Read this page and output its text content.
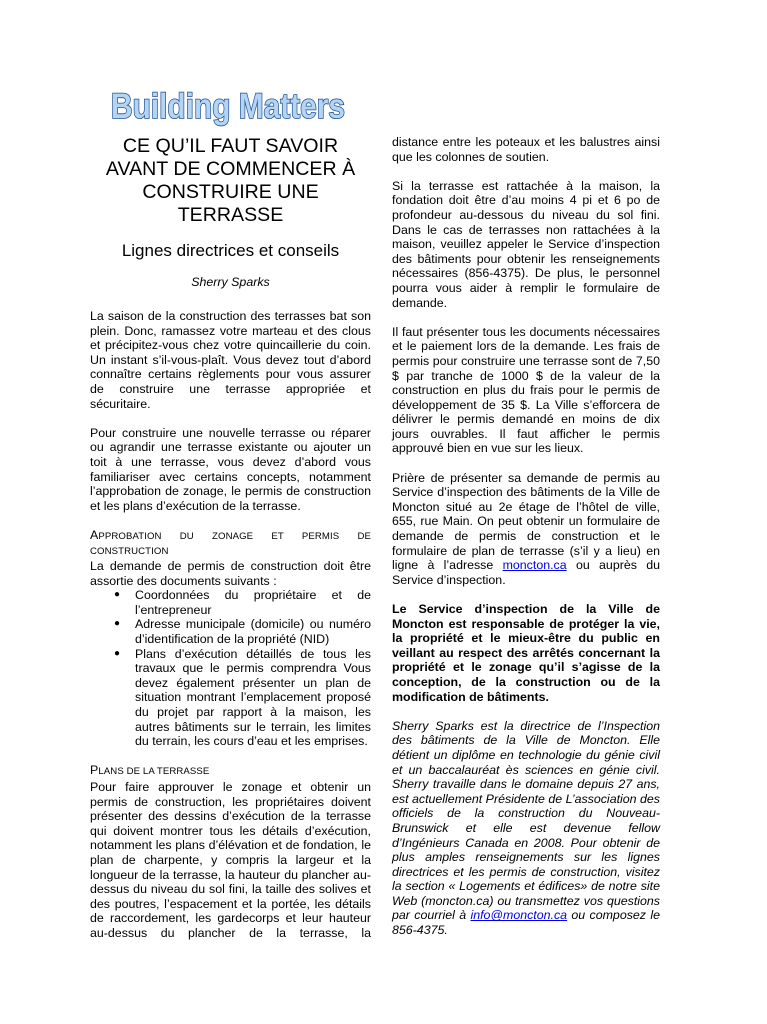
Building Matters
CE QU’IL FAUT SAVOIR
AVANT DE COMMENCER À
CONSTRUIRE UNE
TERRASSE
Lignes directrices et conseils
Sherry Sparks

La saison de la construction des terrasses bat son plein. Donc, ramassez votre marteau et des clous et précipitez-vous chez votre quincaillerie du coin. Un instant s’il-vous-plaît. Vous devez tout d’abord connaître certains règlements pour vous assurer de construire une terrasse appropriée et sécuritaire.

Pour construire une nouvelle terrasse ou réparer ou agrandir une terrasse existante ou ajouter un toit à une terrasse, vous devez d’abord vous familiariser avec certains concepts, notamment l’approbation de zonage, le permis de construction et les plans d’exécution de la terrasse.

APPROBATION DU ZONAGE ET PERMIS DE CONSTRUCTION

La demande de permis de construction doit être assortie des documents suivants :

● Coordonnées du propriétaire et de l’entrepreneur
● Adresse municipale (domicile) ou numéro d’identification de la propriété (NID)
● Plans d’exécution détaillés de tous les travaux que le permis comprendra Vous devez également présenter un plan de situation montrant l’emplacement proposé du projet par rapport à la maison, les autres bâtiments sur le terrain, les limites du terrain, les cours d’eau et les emprises.
PLANS DE LA TERRASSE

Pour faire approuver le zonage et obtenir un permis de construction, les propriétaires doivent présenter des dessins d’exécution de la terrasse qui doivent montrer tous les détails d’exécution, notamment les plans d’élévation et de fondation, le plan de charpente, y compris la largeur et la longueur de la terrasse, la hauteur du plancher au-dessus du niveau du sol fini, la taille des solives et des poutres, l’espacement et la portée, les détails de raccordement, les gardecorps et leur hauteur au-dessus du plancher de la terrasse, la

distance entre les poteaux et les balustres ainsi que les colonnes de soutien.

Si la terrasse est rattachée à la maison, la fondation doit être d’au moins 4 pi et 6 po de profondeur au-dessous du niveau du sol fini. Dans le cas de terrasses non rattachées à la maison, veuillez appeler le Service d’inspection des bâtiments pour obtenir les renseignements nécessaires (856-4375). De plus, le personnel pourra vous aider à remplir le formulaire de demande.

Il faut présenter tous les documents nécessaires et le paiement lors de la demande. Les frais de permis pour construire une terrasse sont de 7,50 $ par tranche de 1000 $ de la valeur de la construction en plus du frais pour le permis de développement de 35 $. La Ville s’efforcera de délivrer le permis demandé en moins de dix jours ouvrables. Il faut afficher le permis approuvé bien en vue sur les lieux.

Prière de présenter sa demande de permis au Service d’inspection des bâtiments de la Ville de Moncton situé au 2e étage de l’hôtel de ville, 655, rue Main. On peut obtenir un formulaire de demande de permis de construction et le formulaire de plan de terrasse (s’il y a lieu) en ligne à l’adresse moncton.ca ou auprès du Service d’inspection.

Le Service d’inspection de la Ville de Moncton est responsable de protéger la vie, la propriété et le mieux-être du public en veillant au respect des arrêtés concernant la propriété et le zonage qu’il s’agisse de la conception, de la construction ou de la modification de bâtiments.

Sherry Sparks est la directrice de l’Inspection des bâtiments de la Ville de Moncton. Elle détient un diplôme en technologie du génie civil et un baccalauréat ès sciences en génie civil. Sherry travaille dans le domaine depuis 27 ans, est actuellement Présidente de L’association des officiels de la construction du Nouveau-Brunswick et elle est devenue fellow d’Ingénieurs Canada en 2008. Pour obtenir de plus amples renseignements sur les lignes directrices et les permis de construction, visitez la section « Logements et édifices» de notre site Web (moncton.ca) ou transmettez vos questions par courriel à info@moncton.ca ou composez le 856-4375.
